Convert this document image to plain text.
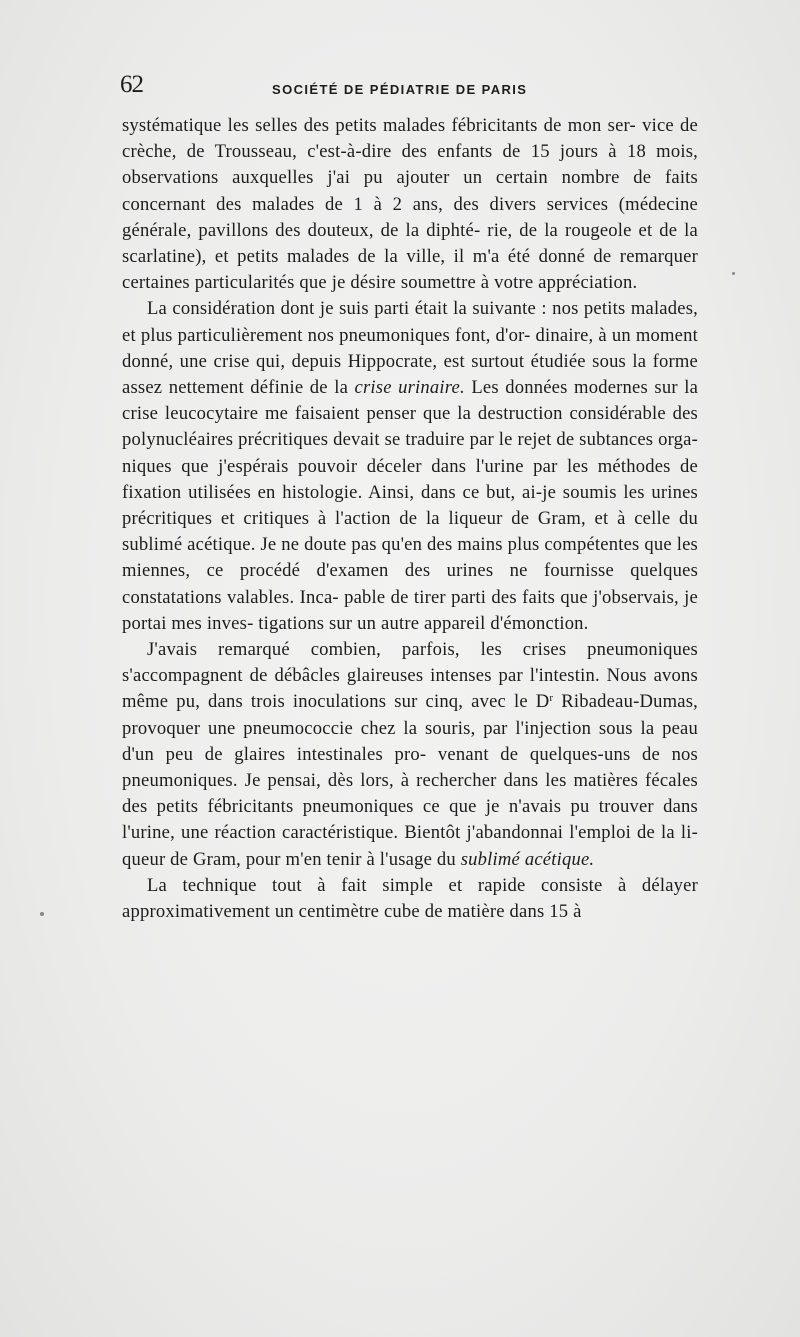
62	SOCIÉTÉ DE PÉDIATRIE DE PARIS

systématique les selles des petits malades fébricitants de mon ser- vice de crèche, de Trousseau, c'est-à-dire des enfants de 15 jours à 18 mois, observations auxquelles j'ai pu ajouter un certain nombre de faits concernant des malades de 1 à 2 ans, des divers services (médecine générale, pavillons des douteux, de la diphté- rie, de la rougeole et de la scarlatine), et petits malades de la ville, il m'a été donné de remarquer certaines particularités que je désire soumettre à votre appréciation.

La considération dont je suis parti était la suivante : nos petits malades, et plus particulièrement nos pneumoniques font, d'or- dinaire, à un moment donné, une crise qui, depuis Hippocrate, est surtout étudiée sous la forme assez nettement définie de la crise urinaire. Les données modernes sur la crise leucocytaire me faisaient penser que la destruction considérable des polynucléaires précritiques devait se traduire par le rejet de subtances orga- niques que j'espérais pouvoir déceler dans l'urine par les méthodes de fixation utilisées en histologie. Ainsi, dans ce but, ai-je soumis les urines précritiques et critiques à l'action de la liqueur de Gram, et à celle du sublimé acétique. Je ne doute pas qu'en des mains plus compétentes que les miennes, ce procédé d'examen des urines ne fournisse quelques constatations valables. Inca- pable de tirer parti des faits que j'observais, je portai mes inves- tigations sur un autre appareil d'émonction.

J'avais remarqué combien, parfois, les crises pneumoniques s'accompagnent de débâcles glaireuses intenses par l'intestin. Nous avons même pu, dans trois inoculations sur cinq, avec le $D^r$ Ribadeau-Dumas, provoquer une pneumococcie chez la souris, par l'injection sous la peau d'un peu de glaires intestinales pro- venant de quelques-uns de nos pneumoniques. Je pensai, dès lors, à rechercher dans les matières fécales des petits fébricitants pneumoniques ce que je n'avais pu trouver dans l'urine, une réaction caractéristique. Bientôt j'abandonnai l'emploi de la li- queur de Gram, pour m'en tenir à l'usage du sublimé acétique.

La technique tout à fait simple et rapide consiste à délayer approximativement un centimètre cube de matière dans 15 à
